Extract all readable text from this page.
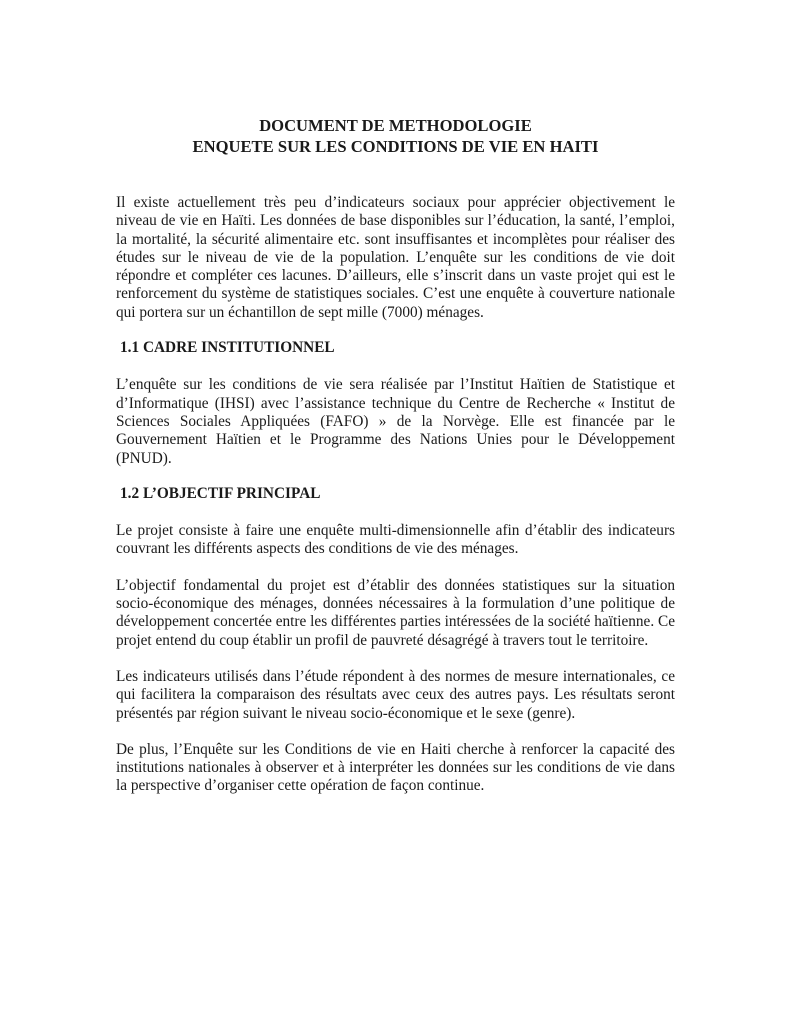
DOCUMENT DE METHODOLOGIE
ENQUETE SUR LES CONDITIONS DE VIE EN HAITI

Il existe actuellement très peu d’indicateurs sociaux pour apprécier objectivement le niveau de vie en Haïti. Les données de base disponibles sur l’éducation, la santé, l’emploi, la mortalité, la sécurité alimentaire etc. sont insuffisantes et incomplètes pour réaliser des études sur le niveau de vie de la population. L’enquête sur les conditions de vie doit répondre et compléter ces lacunes. D’ailleurs, elle s’inscrit dans un vaste projet qui est le renforcement du système de statistiques sociales. C’est une enquête à couverture nationale qui portera sur un échantillon de sept mille (7000) ménages.

1.1 CADRE INSTITUTIONNEL

L’enquête sur les conditions de vie sera réalisée par l’Institut Haïtien de Statistique et d’Informatique (IHSI) avec l’assistance technique du Centre de Recherche « Institut de Sciences Sociales Appliquées (FAFO) » de la Norvège. Elle est financée par le Gouvernement Haïtien et le Programme des Nations Unies pour le Développement (PNUD).

1.2 L’OBJECTIF PRINCIPAL

Le projet consiste à faire une enquête multi-dimensionnelle afin d’établir des indicateurs couvrant les différents aspects des conditions de vie des ménages.

L’objectif fondamental du projet est d’établir des données statistiques sur la situation socio-économique des ménages, données nécessaires à la formulation d’une politique de développement concertée entre les différentes parties intéressées de la société haïtienne. Ce projet entend du coup établir un profil de pauvreté désagrégé à travers tout le territoire.

Les indicateurs utilisés dans l’étude répondent à des normes de mesure internationales, ce qui facilitera la comparaison des résultats avec ceux des autres pays. Les résultats seront présentés par région suivant le niveau socio-économique et le sexe (genre).

De plus, l’Enquête sur les Conditions de vie en Haiti cherche à renforcer la capacité des institutions nationales à observer et à interpréter les données sur les conditions de vie dans la perspective d’organiser cette opération de façon continue.
